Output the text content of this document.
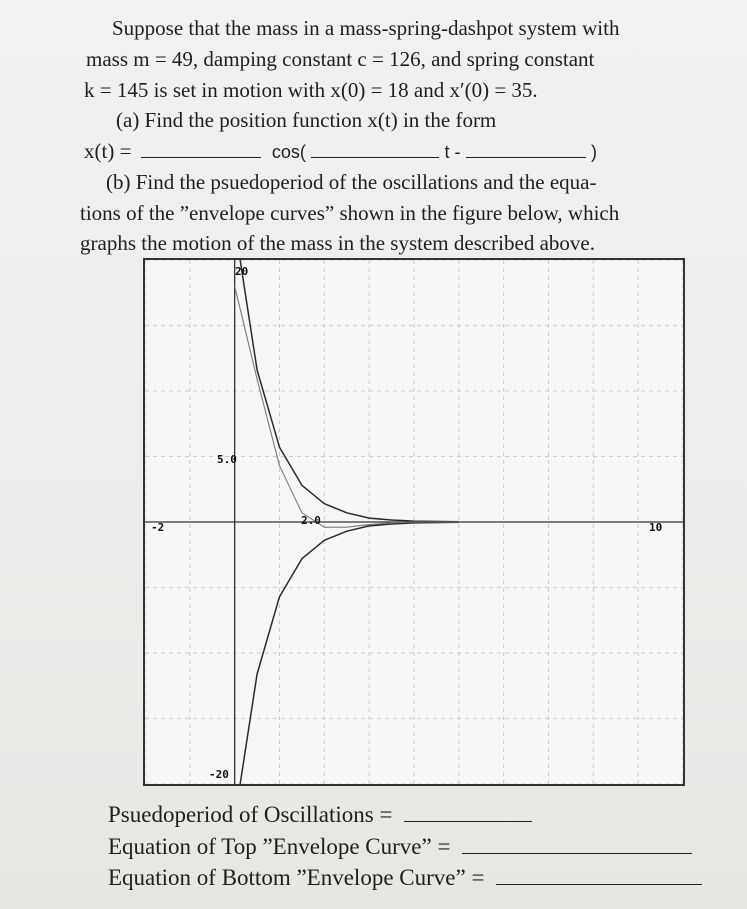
Suppose that the mass in a mass-spring-dashpot system with
mass m = 49, damping constant c = 126, and spring constant
k = 145 is set in motion with x(0) = 18 and x′(0) = 35.
(a) Find the position function x(t) in the form
x(t) =	cos(	t -	)
(b) Find the psuedoperiod of the oscillations and the equa-
tions of the ”envelope curves” shown in the figure below, which
graphs the motion of the mass in the system described above.
20
-20
-2	10
5.0
2.0
Psuedoperiod of Oscillations =
Equation of Top ”Envelope Curve” =
Equation of Bottom ”Envelope Curve” =
